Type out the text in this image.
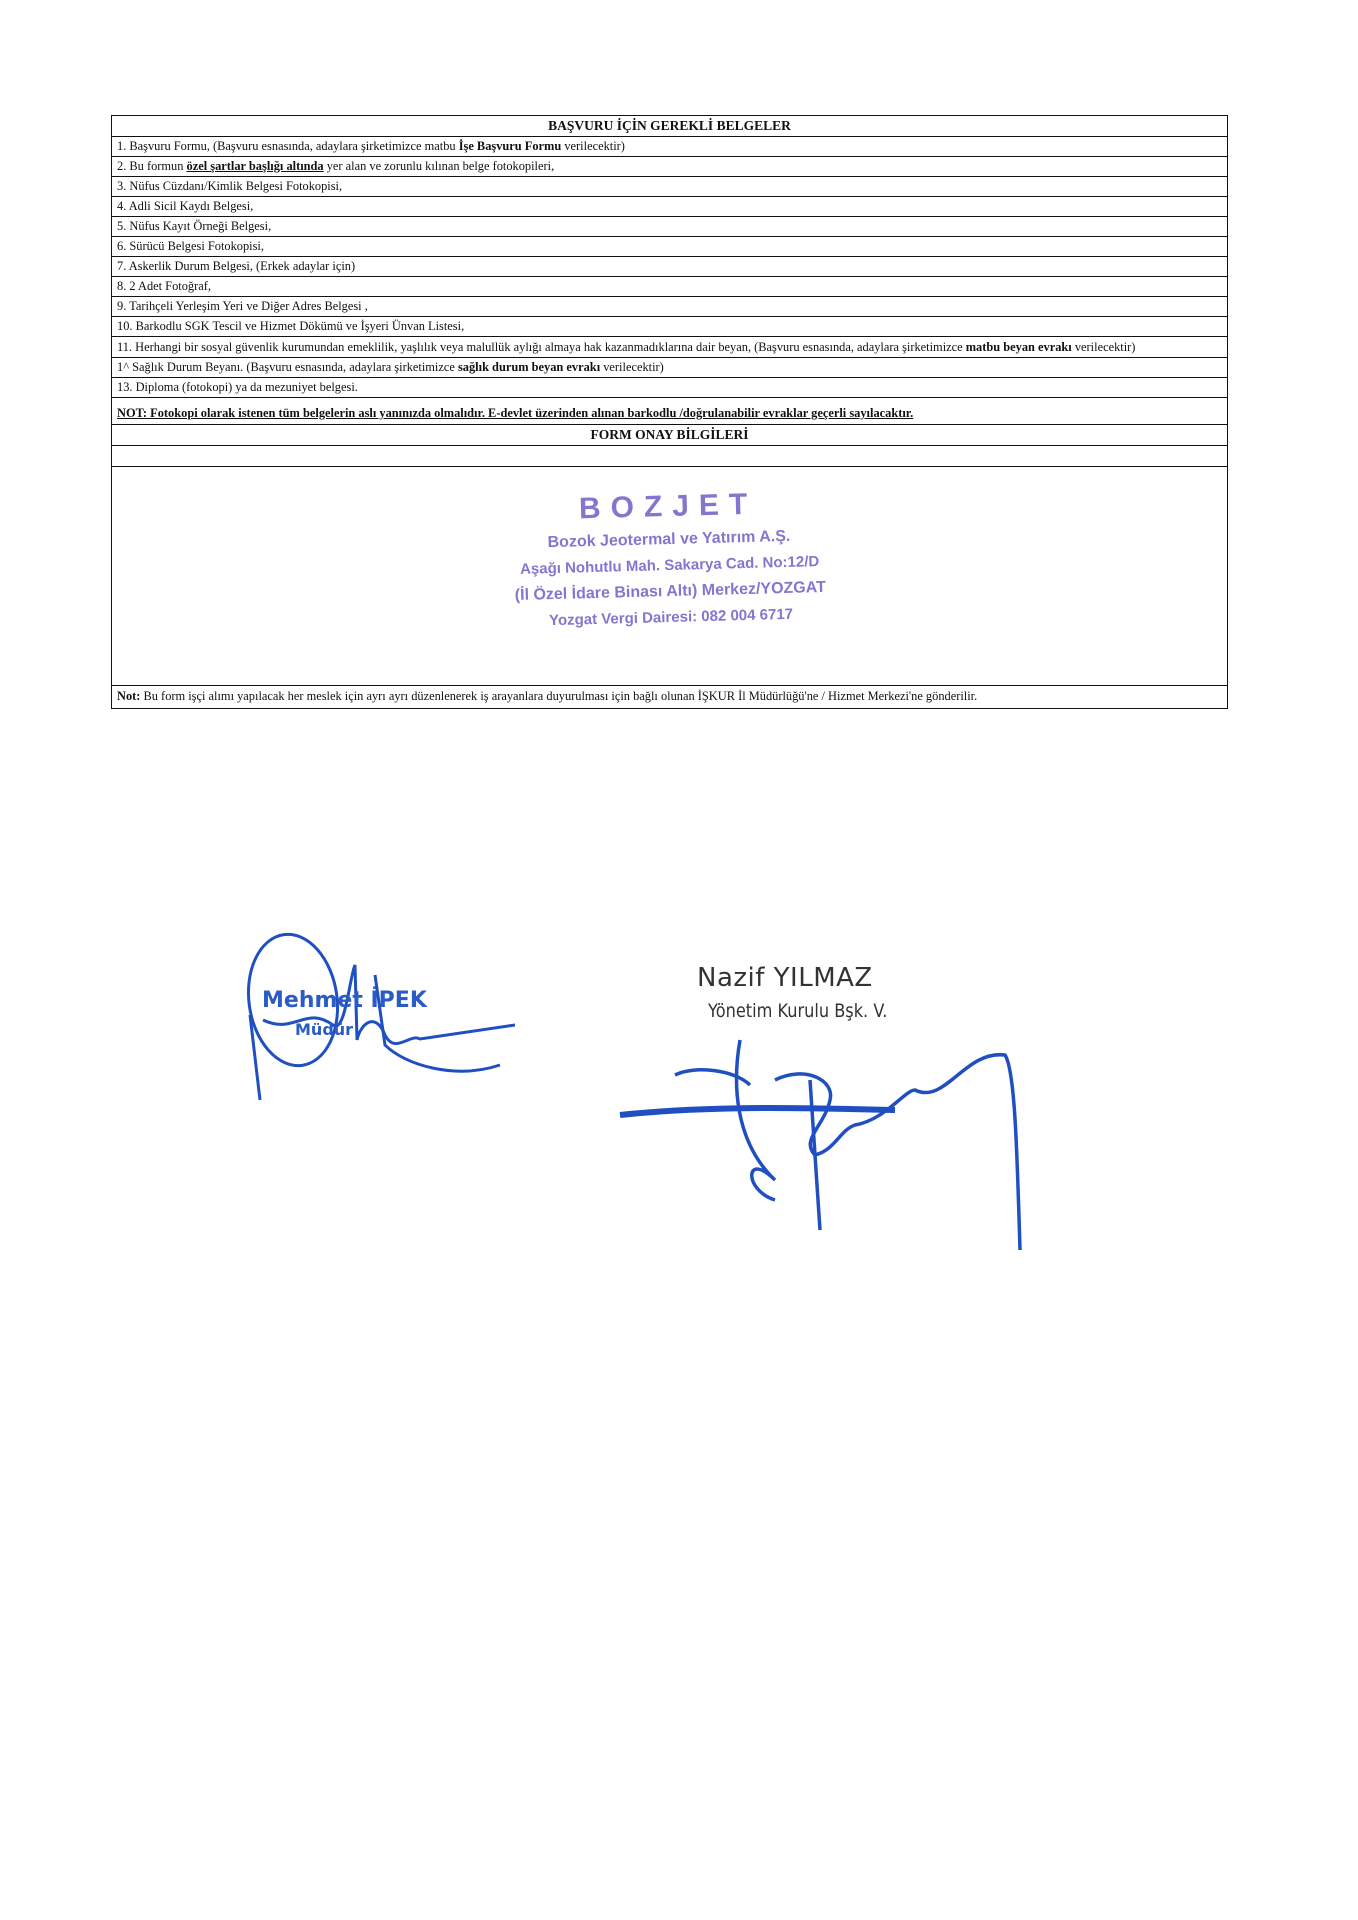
BAŞVURU İÇİN GEREKLİ BELGELER
1. Başvuru Formu, (Başvuru esnasında, adaylara şirketimizce matbu İşe Başvuru Formu verilecektir)
2. Bu formun özel şartlar başlığı altında yer alan ve zorunlu kılınan belge fotokopileri,
3. Nüfus Cüzdanı/Kimlik Belgesi Fotokopisi,
4. Adli Sicil Kaydı Belgesi,
5. Nüfus Kayıt Örneği Belgesi,
6. Sürücü Belgesi Fotokopisi,
7. Askerlik Durum Belgesi, (Erkek adaylar için)
8. 2 Adet Fotoğraf,
9. Tarihçeli Yerleşim Yeri ve Diğer Adres Belgesi ,
10. Barkodlu SGK Tescil ve Hizmet Dökümü ve İşyeri Ünvan Listesi,
11. Herhangi bir sosyal güvenlik kurumundan emeklilik, yaşlılık veya malullük aylığı almaya hak kazanmadıklarına dair beyan, (Başvuru esnasında, adaylara şirketimizce matbu beyan evrakı verilecektir)
1^ Sağlık Durum Beyanı. (Başvuru esnasında, adaylara şirketimizce sağlık durum beyan evrakı verilecektir)
13. Diploma (fotokopi) ya da mezuniyet belgesi.
NOT: Fotokopi olarak istenen tüm belgelerin aslı yanınızda olmalıdır. E-devlet üzerinden alınan barkodlu /doğrulanabilir evraklar geçerli sayılacaktır.
FORM ONAY BİLGİLERİ
BOZJET
Bozok Jeotermal ve Yatırım A.Ş.
Aşağı Nohutlu Mah. Sakarya Cad. No:12/D
(İl Özel İdare Binası Altı) Merkez/YOZGAT
Yozgat Vergi Dairesi: 082 004 6717
Not: Bu form işçi alımı yapılacak her meslek için ayrı ayrı düzenlenerek iş arayanlara duyurulması için bağlı olunan İŞKUR İl Müdürlüğü'ne / Hizmet Merkezi'ne gönderilir.
Mehmet İPEK
Müdür
Nazif YILMAZ
Yönetim Kurulu Bşk. V.
